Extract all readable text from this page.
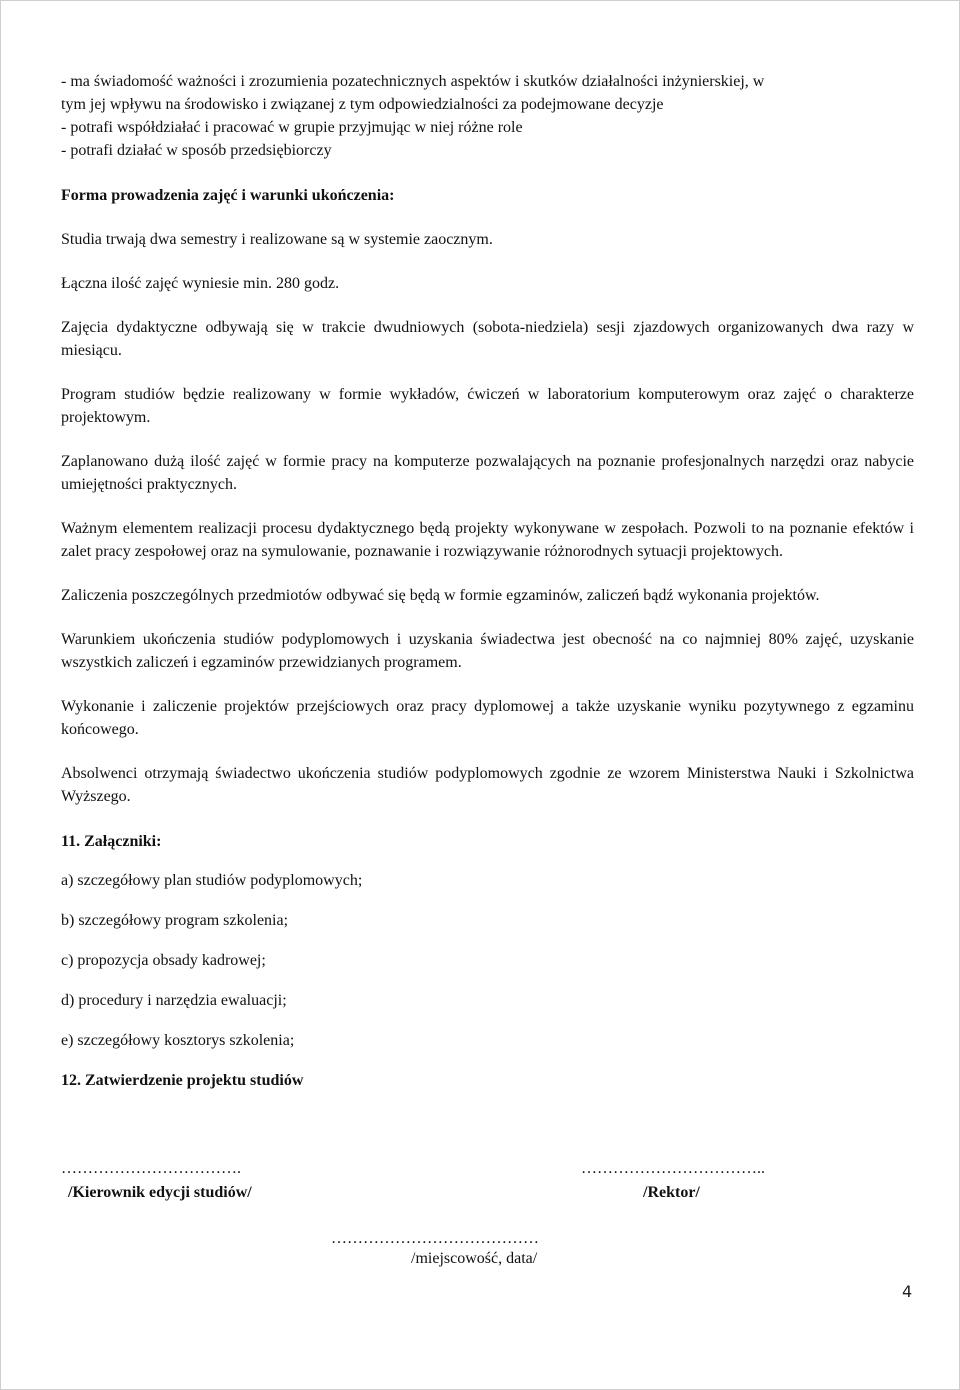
- ma świadomość ważności i zrozumienia pozatechnicznych aspektów i skutków działalności inżynierskiej, w
tym jej wpływu na środowisko i związanej z tym odpowiedzialności za podejmowane decyzje
- potrafi współdziałać i pracować w grupie przyjmując w niej różne role
- potrafi działać w sposób przedsiębiorczy
Forma prowadzenia zajęć i warunki ukończenia:

Studia trwają dwa semestry i realizowane są w systemie zaocznym.

Łączna ilość zajęć wyniesie min. 280 godz.

Zajęcia dydaktyczne odbywają się w trakcie dwudniowych (sobota-niedziela) sesji zjazdowych organizowanych dwa razy w miesiącu.

Program studiów będzie realizowany w formie wykładów, ćwiczeń w laboratorium komputerowym oraz zajęć o charakterze projektowym.

Zaplanowano dużą ilość zajęć w formie pracy na komputerze pozwalających na poznanie profesjonalnych narzędzi oraz nabycie umiejętności praktycznych.

Ważnym elementem realizacji procesu dydaktycznego będą projekty wykonywane w zespołach. Pozwoli to na poznanie efektów i zalet pracy zespołowej oraz na symulowanie, poznawanie i rozwiązywanie różnorodnych sytuacji projektowych.

Zaliczenia poszczególnych przedmiotów odbywać się będą w formie egzaminów, zaliczeń bądź wykonania projektów.

Warunkiem ukończenia studiów podyplomowych i uzyskania świadectwa jest obecność na co najmniej 80% zajęć, uzyskanie wszystkich zaliczeń i egzaminów przewidzianych programem.

Wykonanie i zaliczenie projektów przejściowych oraz pracy dyplomowej a także uzyskanie wyniku pozytywnego z egzaminu końcowego.

Absolwenci otrzymają świadectwo ukończenia studiów podyplomowych zgodnie ze wzorem Ministerstwa Nauki i Szkolnictwa Wyższego.

11. Załączniki:
a) szczegółowy plan studiów podyplomowych;
b) szczegółowy program szkolenia;
c) propozycja obsady kadrowej;
d) procedury i narzędzia ewaluacji;
e) szczegółowy kosztorys szkolenia;
12. Zatwierdzenie projektu studiów
…………………………….	……………………………..
/Kierownik edycji studiów/	/Rektor/
…………………………………
/miejscowość, data/
4
